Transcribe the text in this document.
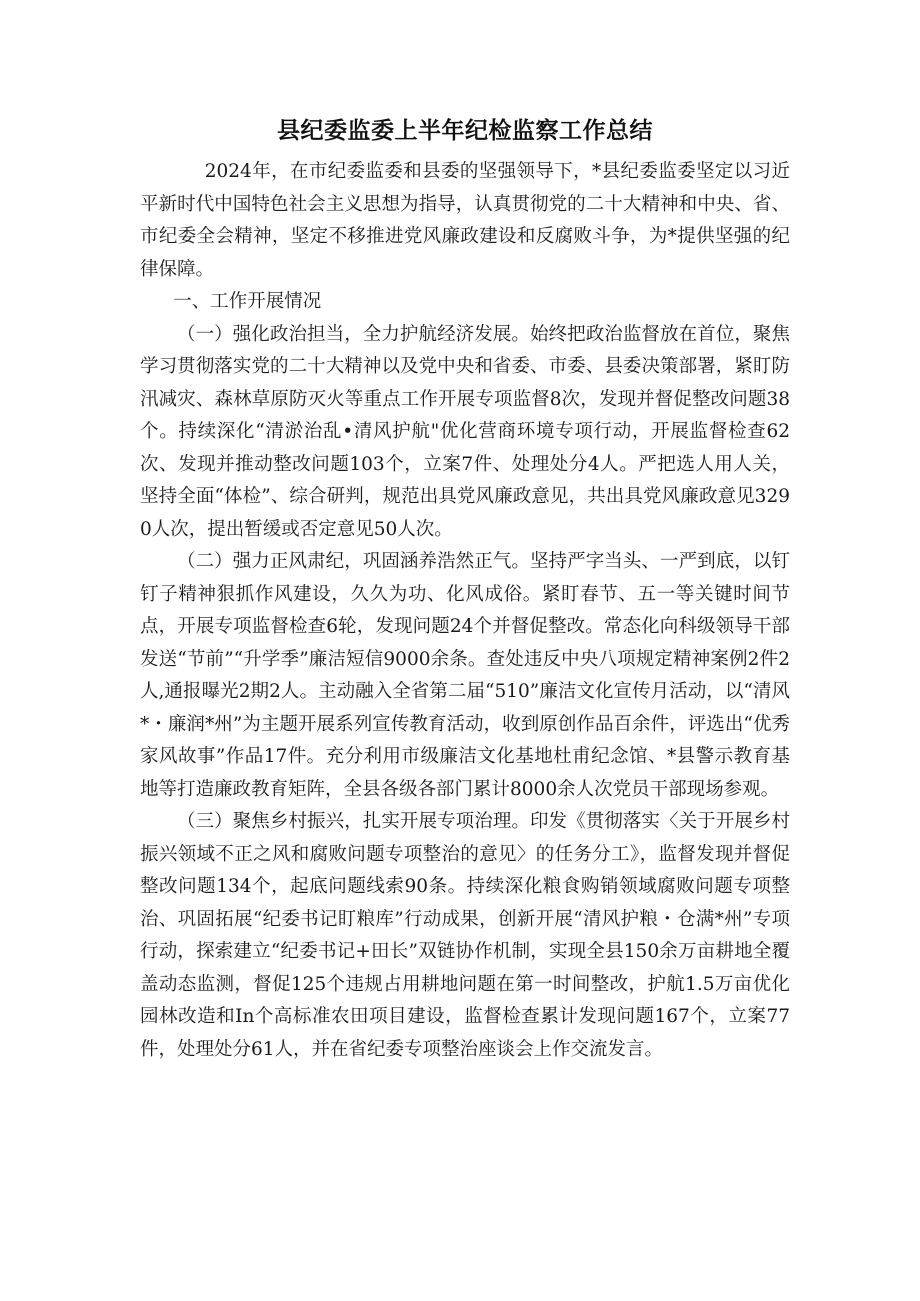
县纪委监委上半年纪检监察工作总结

2024年，在市纪委监委和县委的坚强领导下，*县纪委监委坚定以习近平新时代中国特色社会主义思想为指导，认真贯彻党的二十大精神和中央、省、市纪委全会精神，坚定不移推进党风廉政建设和反腐败斗争，为*提供坚强的纪律保障。

一、工作开展情况

（一）强化政治担当，全力护航经济发展。始终把政治监督放在首位，聚焦学习贯彻落实党的二十大精神以及党中央和省委、市委、县委决策部署，紧盯防汛减灾、森林草原防灭火等重点工作开展专项监督8次，发现并督促整改问题38个。持续深化“清淤治乱•清风护航"优化营商环境专项行动，开展监督检查62次、发现并推动整改问题103个，立案7件、处理处分4人。严把选人用人关，坚持全面“体检”、综合研判，规范出具党风廉政意见，共出具党风廉政意见3290人次，提出暂缓或否定意见50人次。

（二）强力正风肃纪，巩固涵养浩然正气。坚持严字当头、一严到底，以钉钉子精神狠抓作风建设，久久为功、化风成俗。紧盯春节、五一等关键时间节点，开展专项监督检查6轮，发现问题24个并督促整改。常态化向科级领导干部发送“节前”“升学季”廉洁短信9000余条。查处违反中央八项规定精神案例2件2人,通报曝光2期2人。主动融入全省第二届“510”廉洁文化宣传月活动，以“清风*・廉润*州”为主题开展系列宣传教育活动，收到原创作品百余件，评选出“优秀家风故事”作品17件。充分利用市级廉洁文化基地杜甫纪念馆、*县警示教育基地等打造廉政教育矩阵，全县各级各部门累计8000余人次党员干部现场参观。

（三）聚焦乡村振兴，扎实开展专项治理。印发《贯彻落实〈关于开展乡村振兴领域不正之风和腐败问题专项整治的意见〉的任务分工》，监督发现并督促整改问题134个，起底问题线索90条。持续深化粮食购销领域腐败问题专项整治、巩固拓展“纪委书记盯粮库”行动成果，创新开展“清风护粮・仓满*州”专项行动，探索建立“纪委书记+田长”双链协作机制，实现全县150余万亩耕地全覆盖动态监测，督促125个违规占用耕地问题在第一时间整改，护航1.5万亩优化园林改造和In个高标准农田项目建设，监督检查累计发现问题167个，立案77件，处理处分61人，并在省纪委专项整治座谈会上作交流发言。
